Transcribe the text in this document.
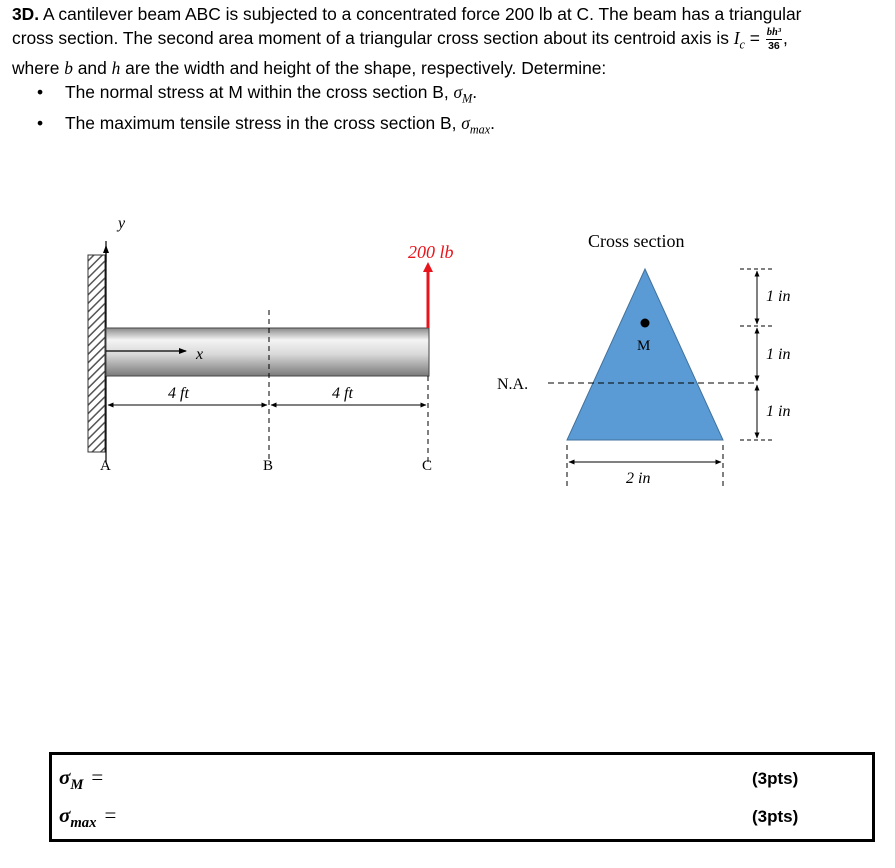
3D. A cantilever beam ABC is subjected to a concentrated force 200 lb at C. The beam has a triangular

cross section. The second area moment of a triangular cross section about its centroid axis is $I_c = \frac{\text{bh³}}{36}$ ,

where b and h are the width and height of the shape, respectively. Determine:

• The normal stress at M within the cross section B, $\sigma_M$.
• The maximum tensile stress in the cross section B, $\sigma_{max}$.
y
x
200 lb
4 ft	4 ft
A	B	C
Cross section
M
N.A.
1 in
1 in
1 in
2 in
$\sigma_M$ =	(3pts)
$\sigma_{max}$ =	(3pts)
